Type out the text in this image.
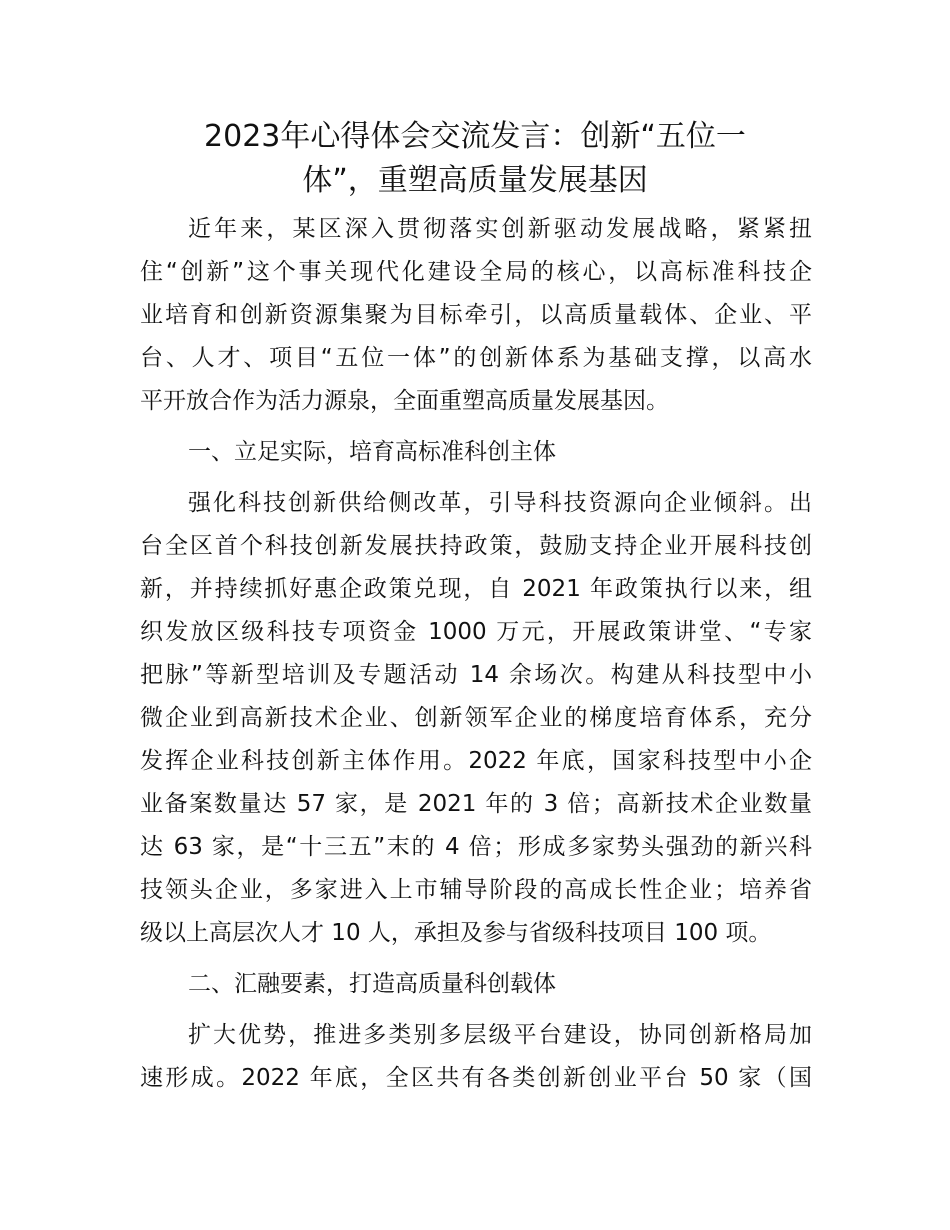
2023年心得体会交流发言：创新“五位一
体”，重塑高质量发展基因
近年来，某区深入贯彻落实创新驱动发展战略，紧紧扭
住“创新”这个事关现代化建设全局的核心，以高标准科技企
业培育和创新资源集聚为目标牵引，以高质量载体、企业、平
台、人才、项目“五位一体”的创新体系为基础支撑，以高水
平开放合作为活力源泉，全面重塑高质量发展基因。
一、立足实际，培育高标准科创主体
强化科技创新供给侧改革，引导科技资源向企业倾斜。出
台全区首个科技创新发展扶持政策，鼓励支持企业开展科技创
新，并持续抓好惠企政策兑现，自 2021 年政策执行以来，组
织发放区级科技专项资金 1000 万元，开展政策讲堂、“专家
把脉”等新型培训及专题活动 14 余场次。构建从科技型中小
微企业到高新技术企业、创新领军企业的梯度培育体系，充分
发挥企业科技创新主体作用。2022 年底，国家科技型中小企
业备案数量达 57 家，是 2021 年的 3 倍；高新技术企业数量
达 63 家，是“十三五”末的 4 倍；形成多家势头强劲的新兴科
技领头企业，多家进入上市辅导阶段的高成长性企业；培养省
级以上高层次人才 10 人，承担及参与省级科技项目 100 项。
二、汇融要素，打造高质量科创载体
扩大优势，推进多类别多层级平台建设，协同创新格局加
速形成。2022 年底，全区共有各类创新创业平台 50 家（国
